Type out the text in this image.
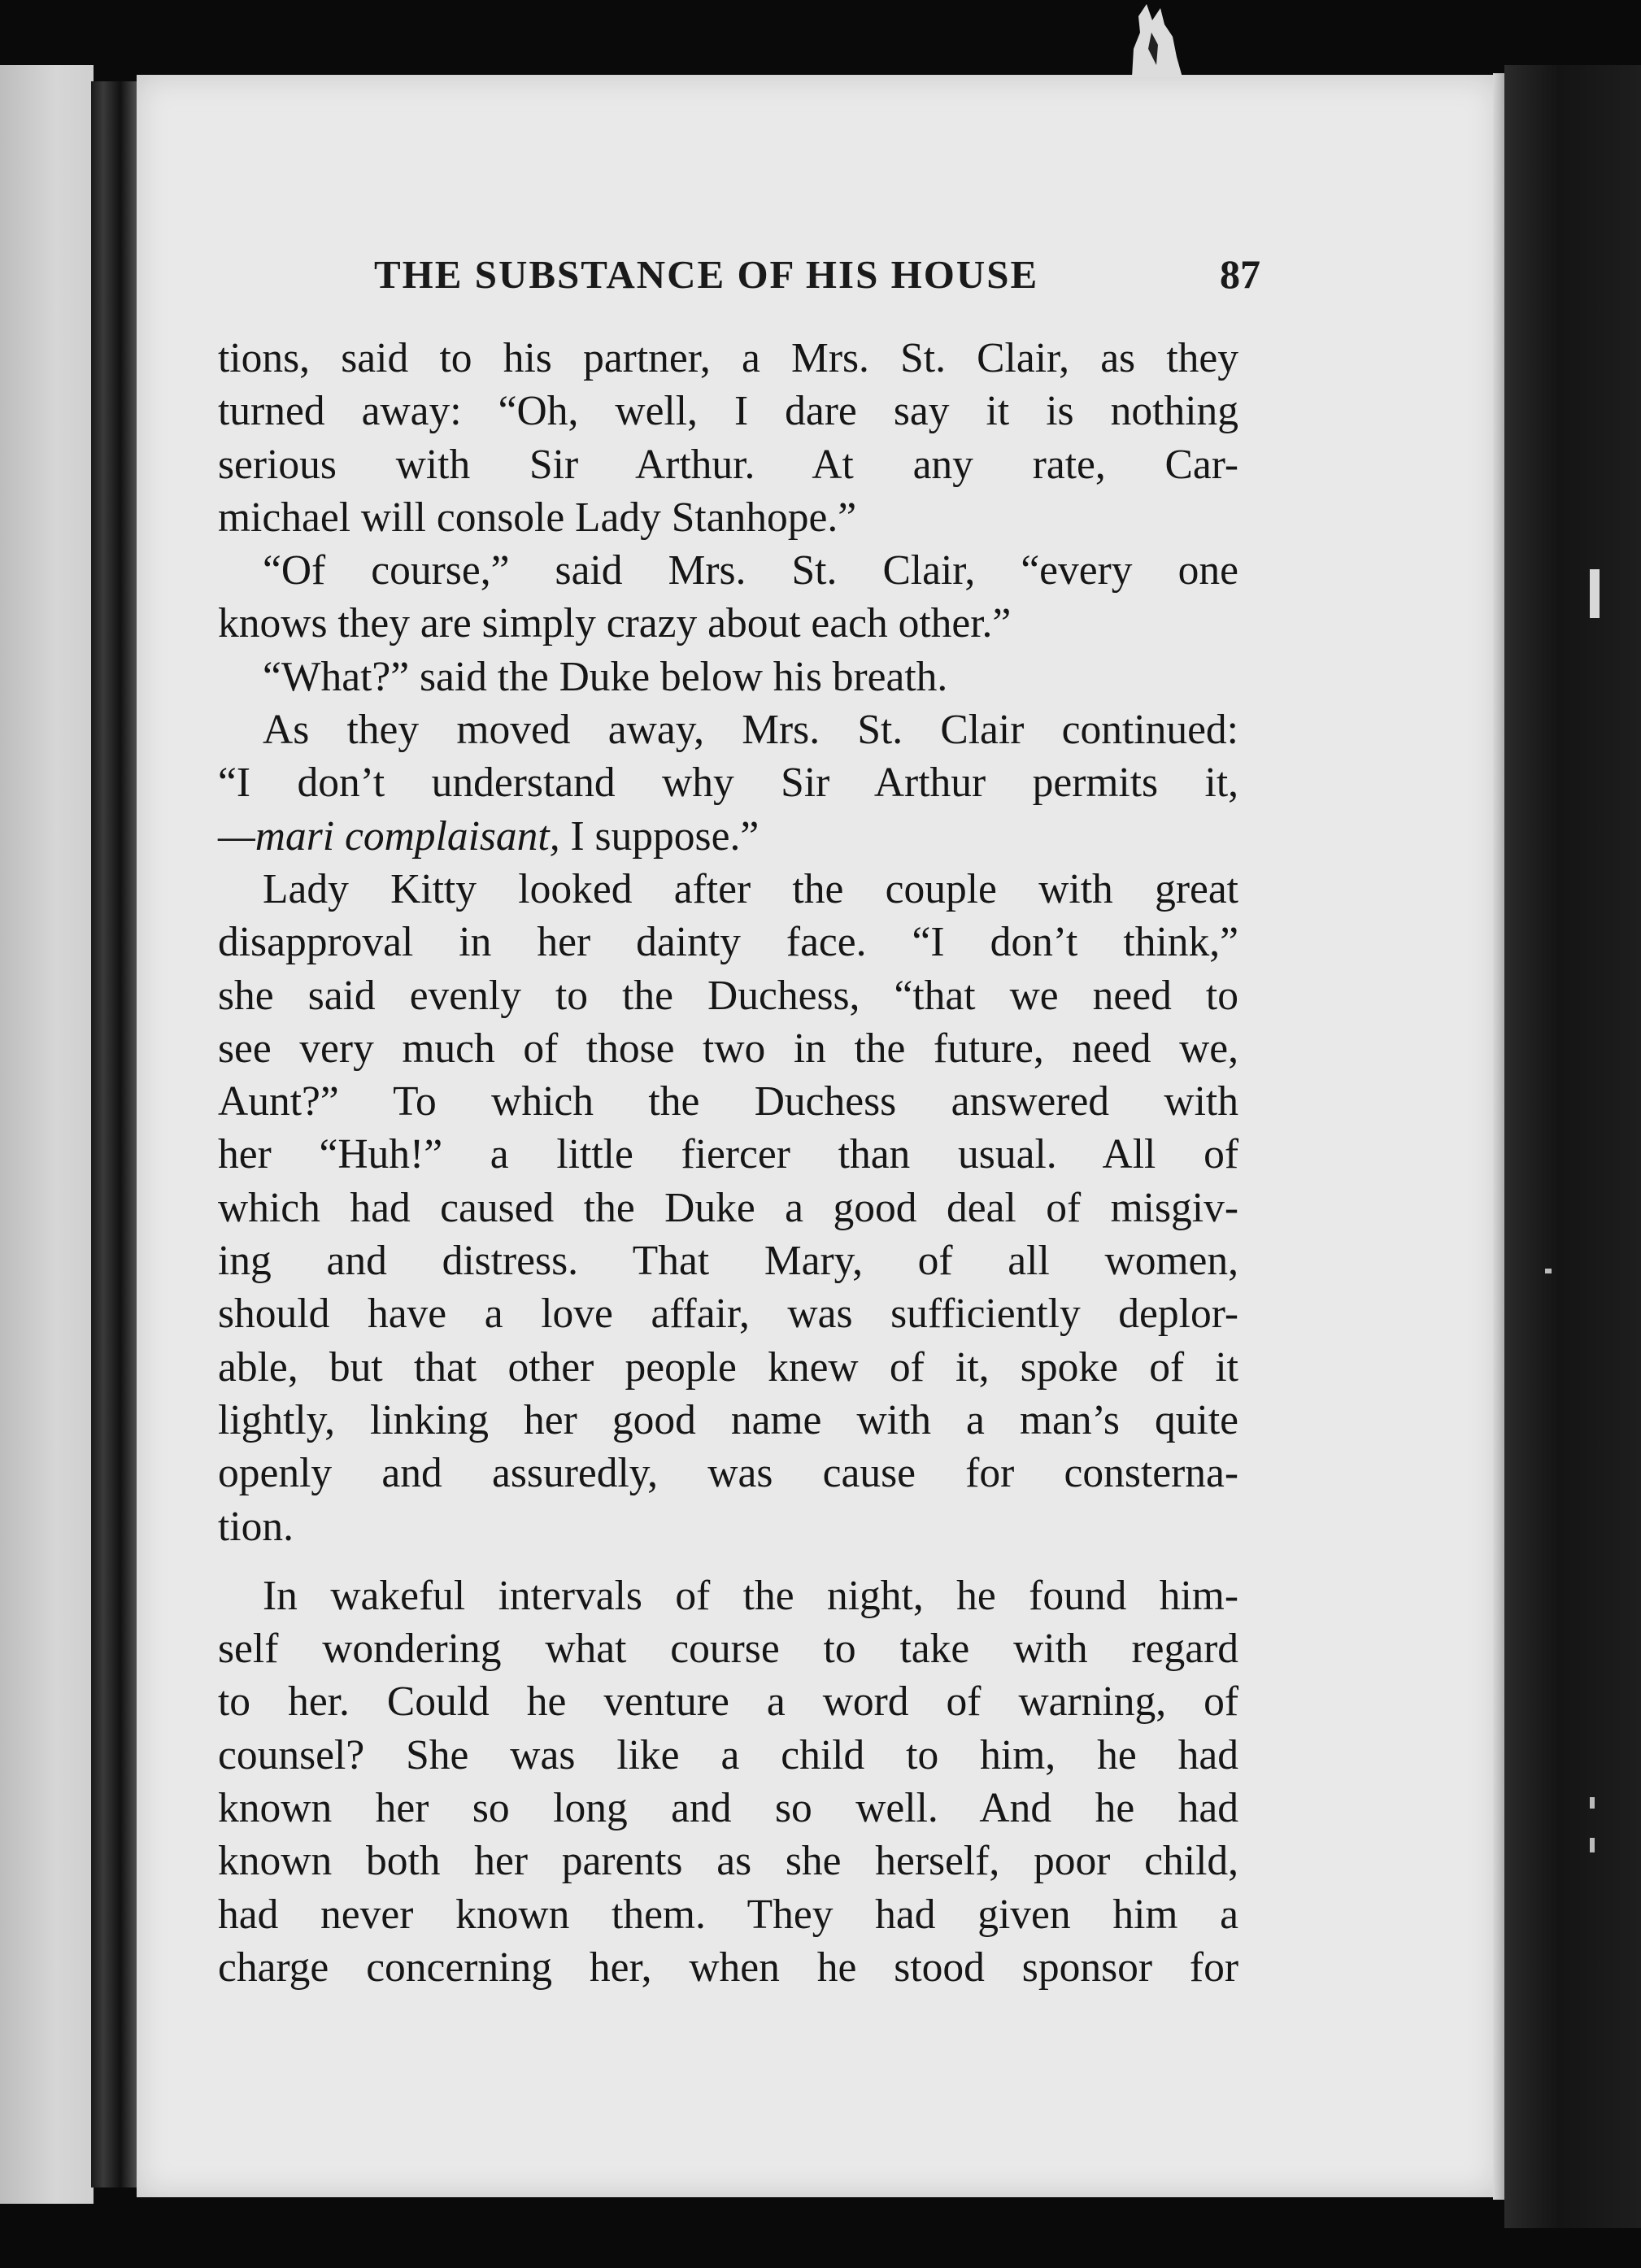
THE SUBSTANCE OF HIS HOUSE	87
tions, said to his partner, a Mrs. St. Clair, as they
turned away: “Oh, well, I dare say it is nothing
serious with Sir Arthur. At any rate, Car-
michael will console Lady Stanhope.”
“Of course,” said Mrs. St. Clair, “every one
knows they are simply crazy about each other.”
“What?” said the Duke below his breath.
As they moved away, Mrs. St. Clair continued:
“I don’t understand why Sir Arthur permits it,
—mari complaisant, I suppose.”
Lady Kitty looked after the couple with great
disapproval in her dainty face. “I don’t think,”
she said evenly to the Duchess, “that we need to
see very much of those two in the future, need we,
Aunt?” To which the Duchess answered with
her “Huh!” a little fiercer than usual. All of
which had caused the Duke a good deal of misgiv-
ing and distress. That Mary, of all women,
should have a love affair, was sufficiently deplor-
able, but that other people knew of it, spoke of it
lightly, linking her good name with a man’s quite
openly and assuredly, was cause for consterna-
tion.
In wakeful intervals of the night, he found him-
self wondering what course to take with regard
to her. Could he venture a word of warning, of
counsel? She was like a child to him, he had
known her so long and so well. And he had
known both her parents as she herself, poor child,
had never known them. They had given him a
charge concerning her, when he stood sponsor for
